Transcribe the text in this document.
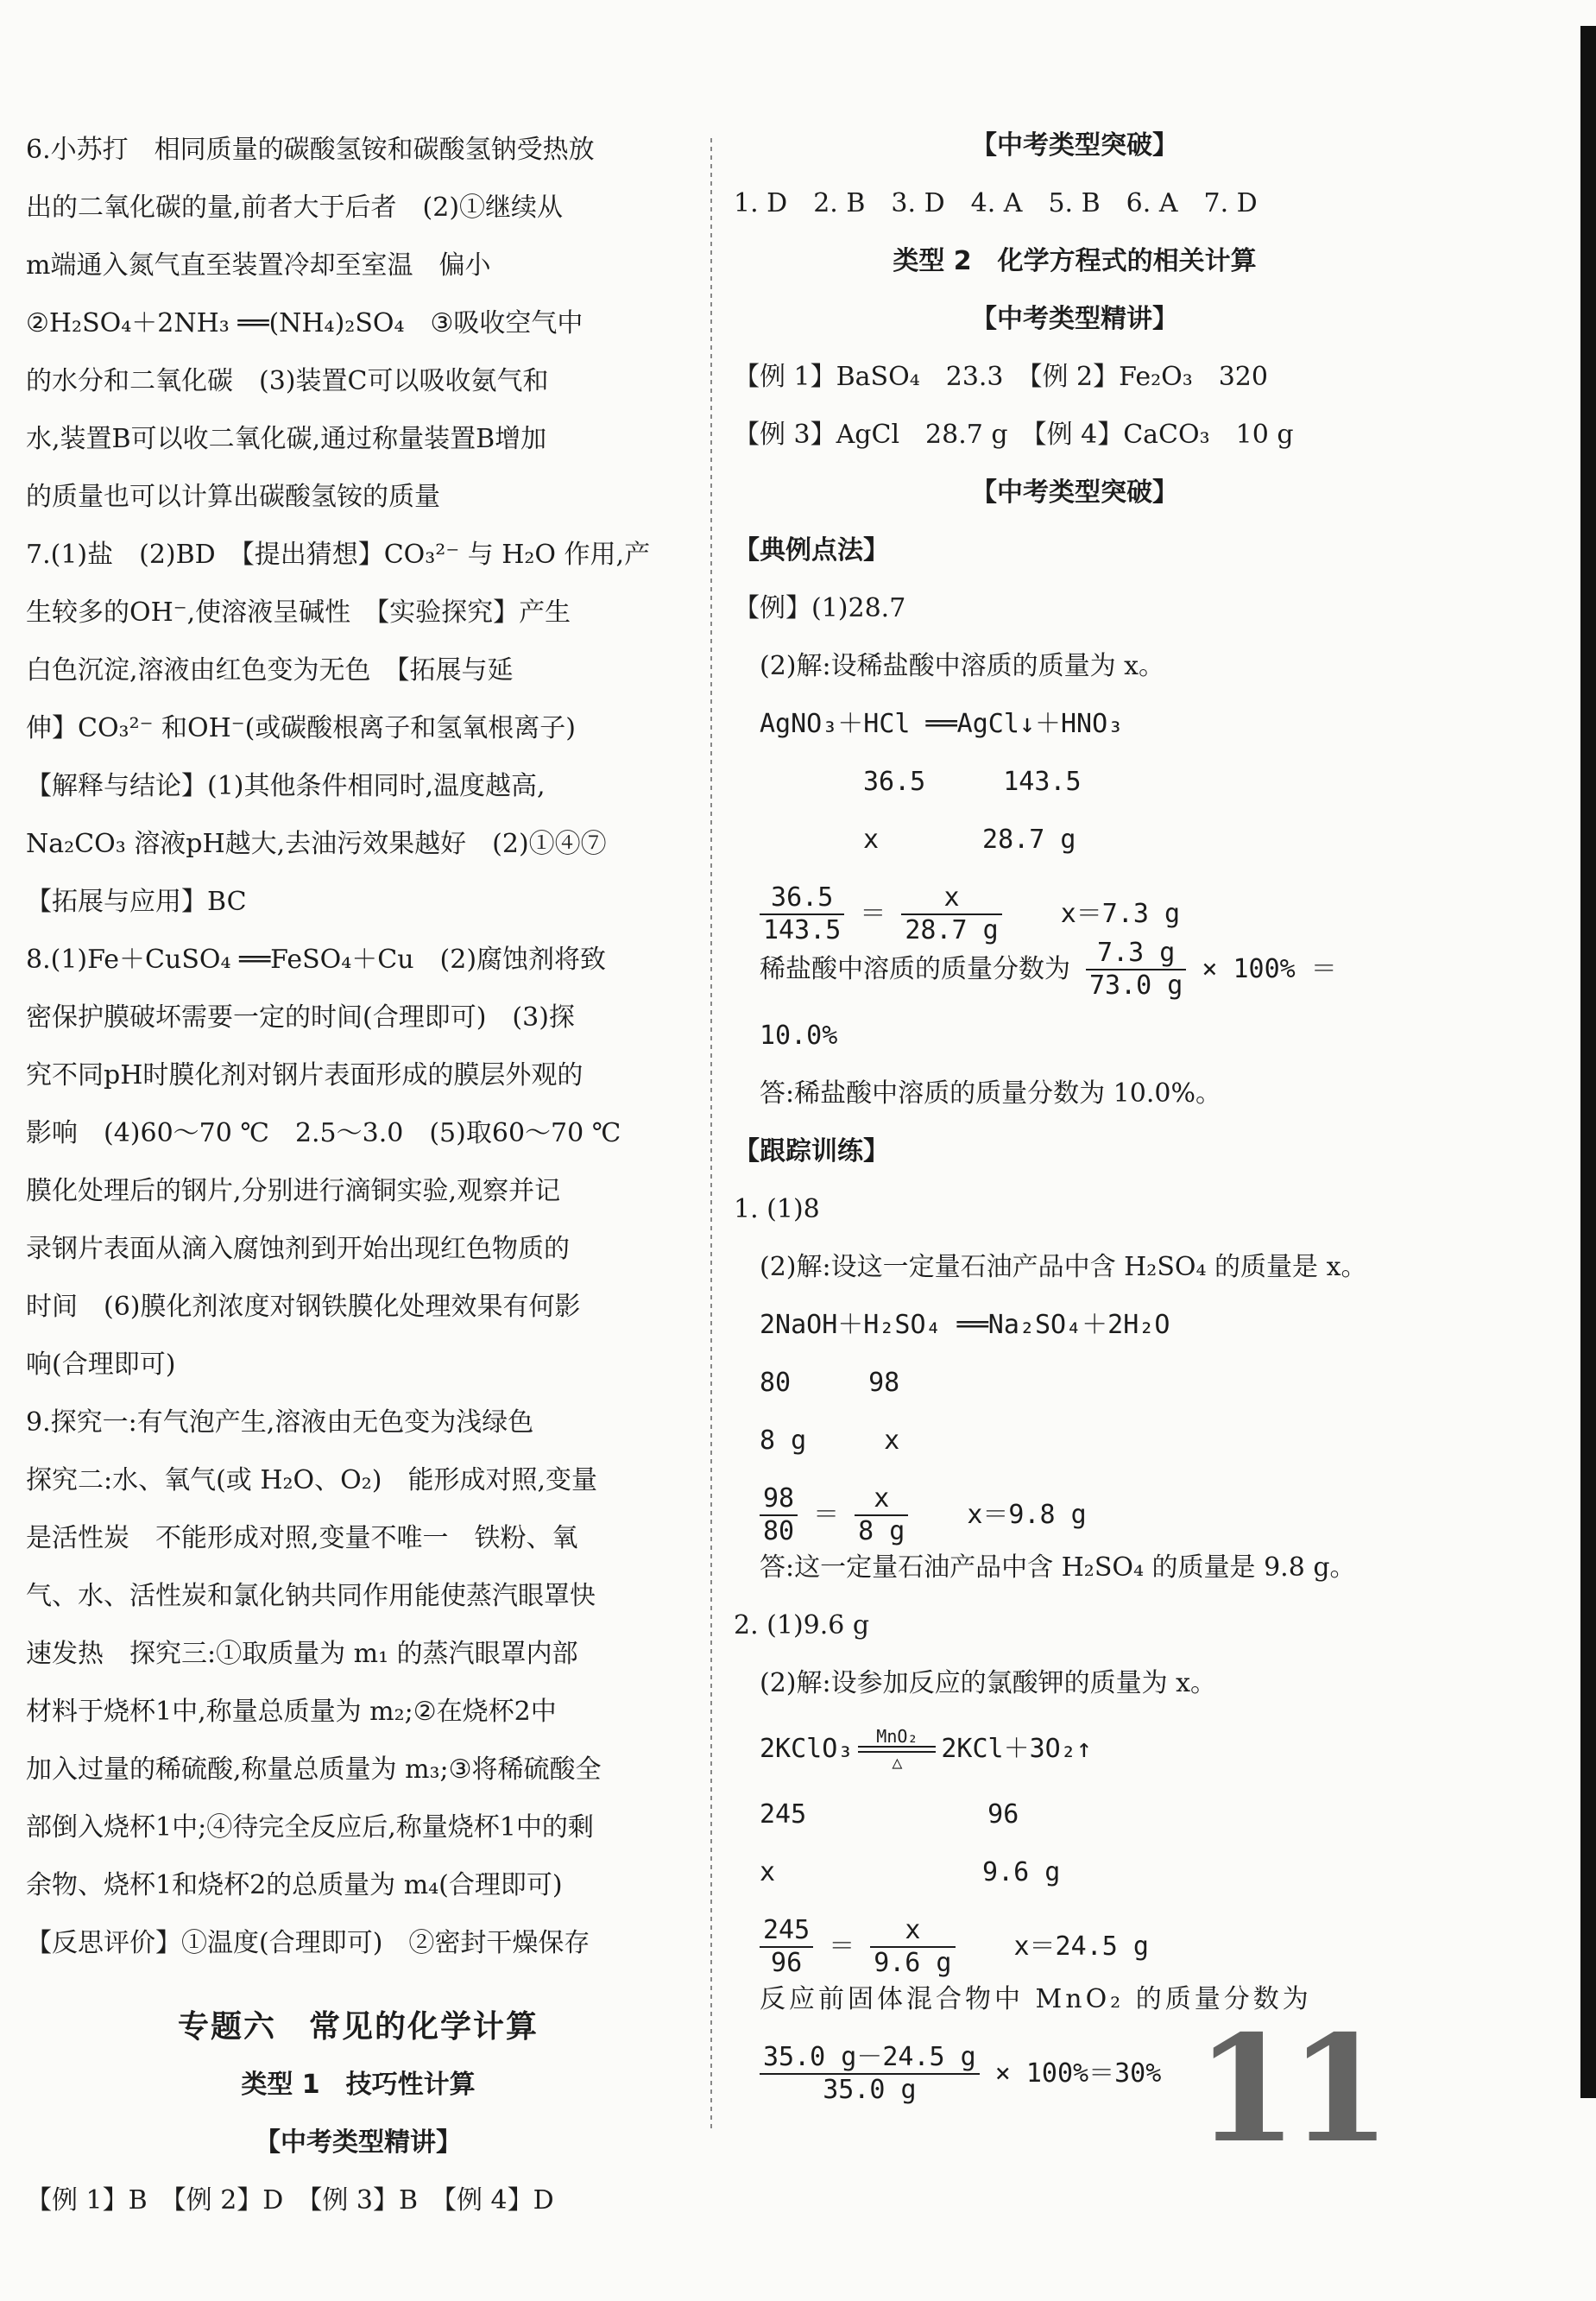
6.小苏打　相同质量的碳酸氢铵和碳酸氢钠受热放
出的二氧化碳的量,前者大于后者　(2)①继续从
m端通入氮气直至装置冷却至室温　偏小
②H₂SO₄＋2NH₃ ══(NH₄)₂SO₄　③吸收空气中
的水分和二氧化碳　(3)装置C可以吸收氨气和
水,装置B可以收二氧化碳,通过称量装置B增加
的质量也可以计算出碳酸氢铵的质量
7.(1)盐　(2)BD　【提出猜想】CO₃²⁻ 与 H₂O 作用,产
生较多的OH⁻,使溶液呈碱性　【实验探究】产生
白色沉淀,溶液由红色变为无色　【拓展与延
伸】CO₃²⁻ 和OH⁻(或碳酸根离子和氢氧根离子)
【解释与结论】(1)其他条件相同时,温度越高,
Na₂CO₃ 溶液pH越大,去油污效果越好　(2)①④⑦
【拓展与应用】BC
8.(1)Fe＋CuSO₄ ══FeSO₄＋Cu　(2)腐蚀剂将致
密保护膜破坏需要一定的时间(合理即可)　(3)探
究不同pH时膜化剂对钢片表面形成的膜层外观的
影响　(4)60～70 ℃　2.5～3.0　(5)取60～70 ℃
膜化处理后的钢片,分别进行滴铜实验,观察并记
录钢片表面从滴入腐蚀剂到开始出现红色物质的
时间　(6)膜化剂浓度对钢铁膜化处理效果有何影
响(合理即可)
9.探究一:有气泡产生,溶液由无色变为浅绿色
探究二:水、氧气(或 H₂O、O₂)　能形成对照,变量
是活性炭　不能形成对照,变量不唯一　铁粉、氧
气、水、活性炭和氯化钠共同作用能使蒸汽眼罩快
速发热　探究三:①取质量为 m₁ 的蒸汽眼罩内部
材料于烧杯1中,称量总质量为 m₂;②在烧杯2中
加入过量的稀硫酸,称量总质量为 m₃;③将稀硫酸全
部倒入烧杯1中;④待完全反应后,称量烧杯1中的剩
余物、烧杯1和烧杯2的总质量为 m₄(合理即可)
【反思评价】①温度(合理即可)　②密封干燥保存
专题六　常见的化学计算
类型 1　技巧性计算
【中考类型精讲】
【例 1】B　【例 2】D　【例 3】B　【例 4】D
【中考类型突破】
1. D　2. B　3. D　4. A　5. B　6. A　7. D
类型 2　化学方程式的相关计算
【中考类型精讲】
【例 1】BaSO₄　23.3　【例 2】Fe₂O₃　320
【例 3】AgCl　28.7 g　【例 4】CaCO₃　10 g
【中考类型突破】
【典例点法】
【例】(1)28.7
(2)解:设稀盐酸中溶质的质量为 x。
AgNO₃＋HCl ══AgCl↓＋HNO₃
36.5　　　143.5
x　　　　28.7 g
36.5
143.5
＝
x
28.7 g
x＝7.3 g
稀盐酸中溶质的质量分数为 $\frac{7.3 g}{73.0 g} \times 100\%$ ＝
10.0%
答:稀盐酸中溶质的质量分数为 10.0%。
【跟踪训练】
1. (1)8
(2)解:设这一定量石油产品中含 H₂SO₄ 的质量是 x。
2NaOH＋H₂SO₄ ══Na₂SO₄＋2H₂O
80　　　98
8 g　　　x
98
80
＝
x
8 g
x＝9.8 g
答:这一定量石油产品中含 H₂SO₄ 的质量是 9.8 g。
2. (1)9.6 g
(2)解:设参加反应的氯酸钾的质量为 x。
2KClO₃	MnO₂
△	2KCl＋3O₂↑
245　　　　　　　96
x　　　　　　　　9.6 g
245
96
＝
x
9.6 g
x＝24.5 g
反应前固体混合物中 MnO₂ 的质量分数为
$\frac{35.0 g-24.5 g}{35.0 g} \times 100\%=30\%$ 11
